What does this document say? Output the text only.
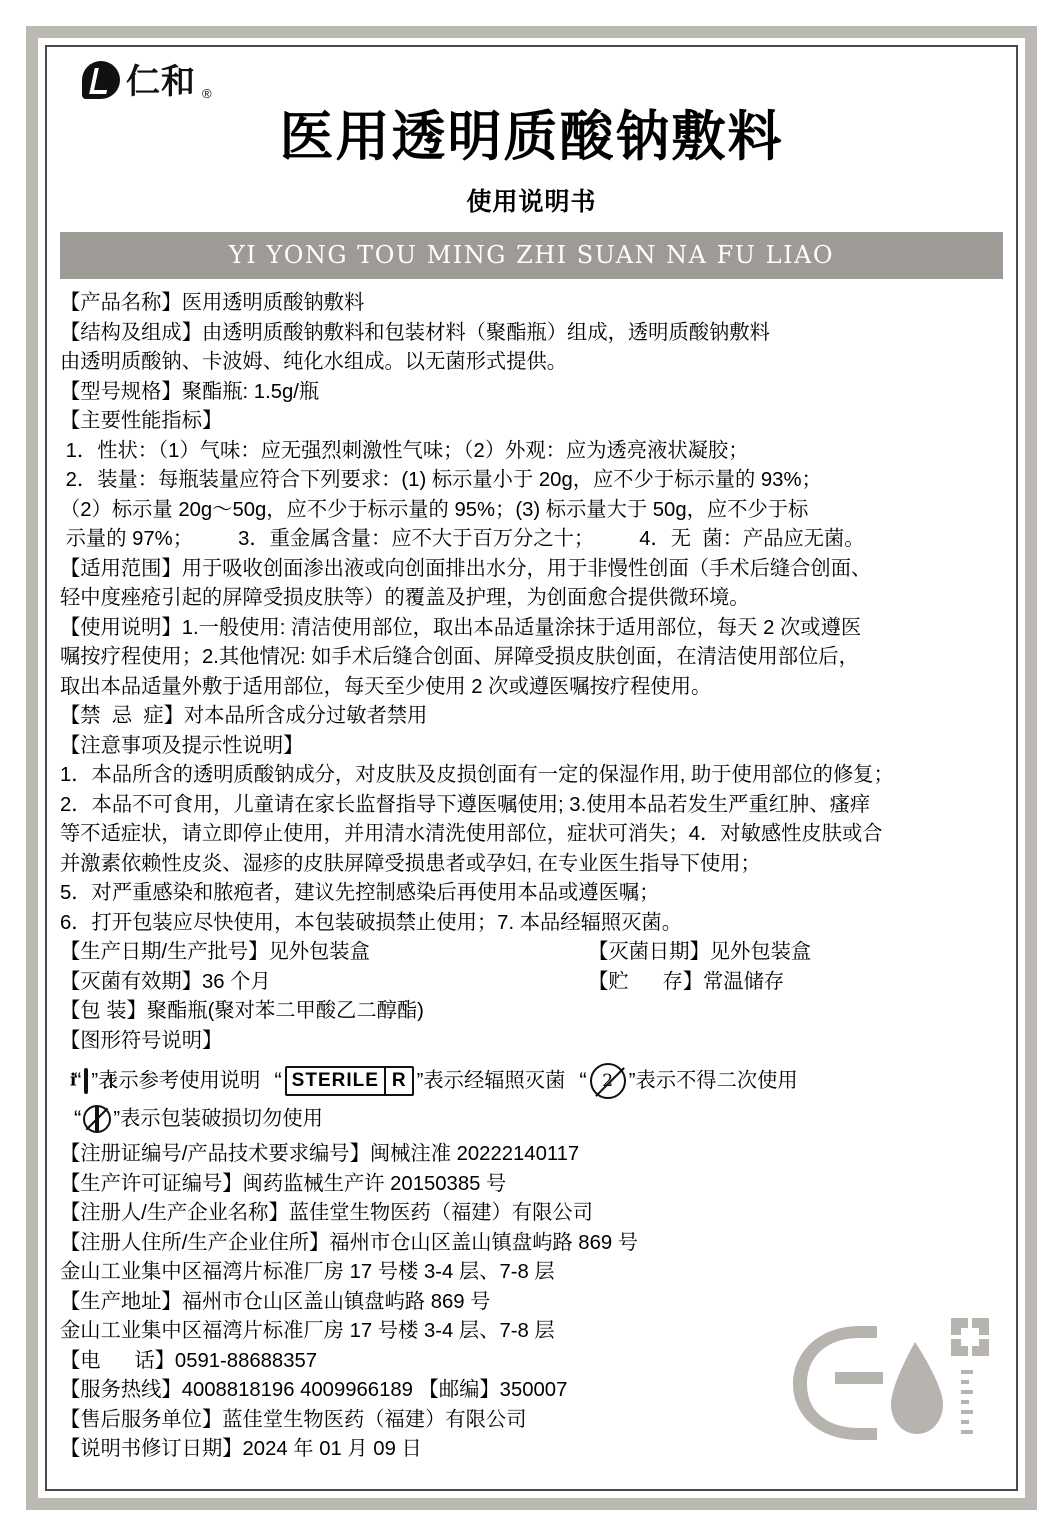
仁和 ®
医用透明质酸钠敷料
使用说明书
YI YONG TOU MING ZHI SUAN NA FU LIAO

【产品名称】医用透明质酸钠敷料

【结构及组成】由透明质酸钠敷料和包装材料（聚酯瓶）组成，透明质酸钠敷料

由透明质酸钠、卡波姆、纯化水组成。以无菌形式提供。

【型号规格】聚酯瓶: 1.5g/瓶

【主要性能指标】

1．性状：（1）气味：应无强烈刺激性气味；（2）外观：应为透亮液状凝胶；

2．装量：每瓶装量应符合下列要求：(1) 标示量小于 20g，应不少于标示量的 93%；

（2）标示量 20g～50g，应不少于标示量的 95%；(3) 标示量大于 50g，应不少于标

示量的 97%；        3．重金属含量：应不大于百万分之十；        4．无  菌：产品应无菌。

【适用范围】用于吸收创面渗出液或向创面排出水分，用于非慢性创面（手术后缝合创面、

轻中度痤疮引起的屏障受损皮肤等）的覆盖及护理，为创面愈合提供微环境。

【使用说明】1.一般使用: 清洁使用部位，取出本品适量涂抹于适用部位，每天 2 次或遵医

嘱按疗程使用；2.其他情况: 如手术后缝合创面、屏障受损皮肤创面，在清洁使用部位后，

取出本品适量外敷于适用部位，每天至少使用 2 次或遵医嘱按疗程使用。

【禁  忌  症】对本品所含成分过敏者禁用

【注意事项及提示性说明】

1．本品所含的透明质酸钠成分，对皮肤及皮损创面有一定的保湿作用, 助于使用部位的修复；

2．本品不可食用，儿童请在家长监督指导下遵医嘱使用; 3.使用本品若发生严重红肿、瘙痒

等不适症状，请立即停止使用，并用清水清洗使用部位，症状可消失；4．对敏感性皮肤或合

并激素依赖性皮炎、湿疹的皮肤屏障受损患者或孕妇, 在专业医生指导下使用；

5．对严重感染和脓疱者，建议先控制感染后再使用本品或遵医嘱；

6．打开包装应尽快使用，本包装破损禁止使用；7. 本品经辐照灭菌。

【生产日期/生产批号】见外包装盒	【灭菌日期】见外包装盒

【灭菌有效期】36 个月	【贮      存】常温储存

【包 装】聚酯瓶(聚对苯二甲酸乙二醇酯)

【图形符号说明】

“ i ”表示参考使用说明 “ STERILE R ”表示经辐照灭菌 “ 2 ”表示不得二次使用
“ ”表示包装破损切勿使用

【注册证编号/产品技术要求编号】闽械注准 20222140117

【生产许可证编号】闽药监械生产许 20150385 号

【注册人/生产企业名称】蓝佳堂生物医药（福建）有限公司

【注册人住所/生产企业住所】福州市仓山区盖山镇盘屿路 869 号

金山工业集中区福湾片标准厂房 17 号楼 3-4 层、7-8 层

【生产地址】福州市仓山区盖山镇盘屿路 869 号

金山工业集中区福湾片标准厂房 17 号楼 3-4 层、7-8 层

【电      话】0591-88688357

【服务热线】4008818196 4009966189 【邮编】350007

【售后服务单位】蓝佳堂生物医药（福建）有限公司

【说明书修订日期】2024 年 01 月 09 日
